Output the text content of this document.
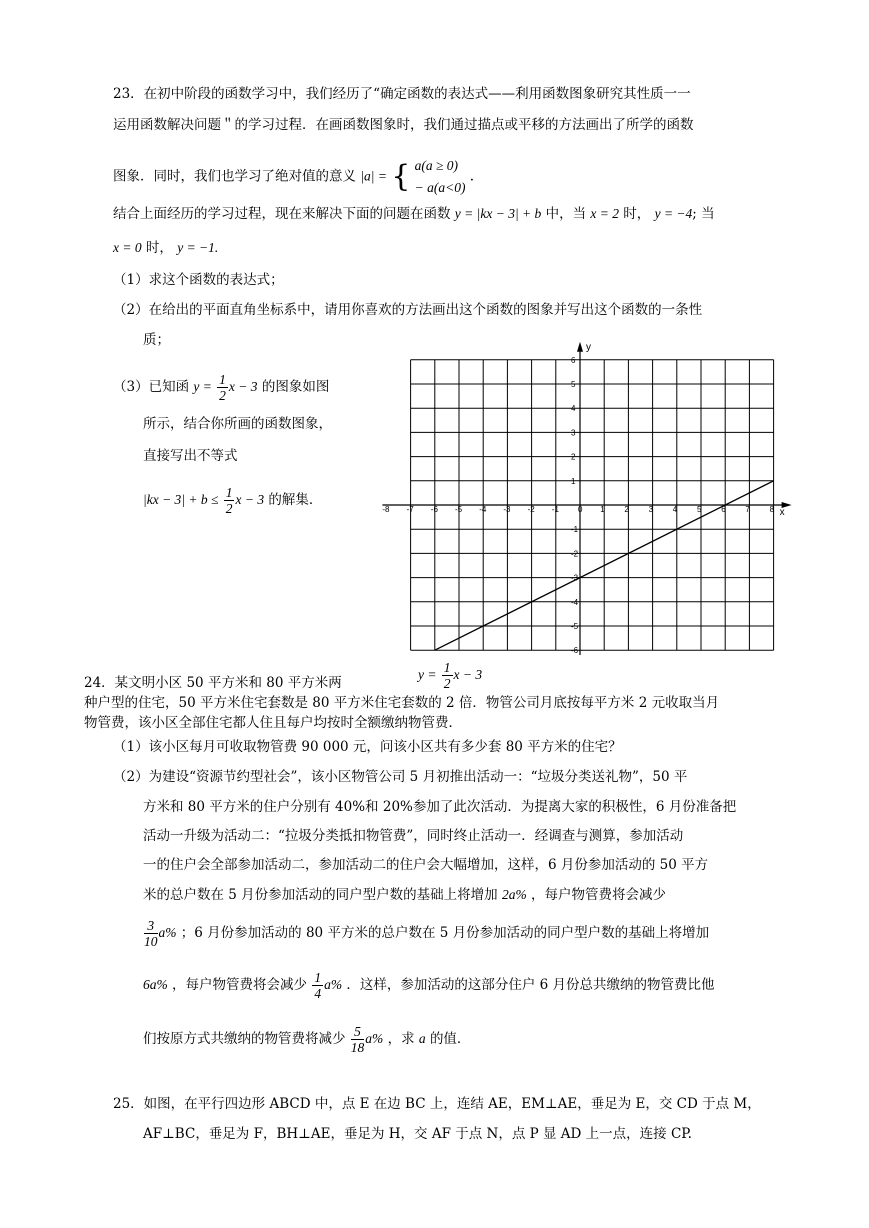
23．在初中阶段的函数学习中，我们经历了“确定函数的表达式——利用函数图象研究其性质一一
运用函数解决问题＂的学习过程．在画函数图象时，我们通过描点或平移的方法画出了所学的函数
图象．同时，我们也学习了绝对值的意义 |a| = { a(a ≥ 0)
− a(a<0)
.
结合上面经历的学习过程，现在来解决下面的问题在函数 y = |kx − 3| + b 中，当 x = 2 时， y = −4; 当
x = 0 时， y = −1.
（1）求这个函数的表达式；
（2）在给出的平面直角坐标系中，请用你喜欢的方法画出这个函数的图象并写出这个函数的一条性
质；
（3）已知函 $y = \frac{1}{2}$ x − 3 的图象如图
所示，结合你所画的函数图象，
直接写出不等式
$|kx - 3| + b \le \frac{1}{2}$ x − 3 的解集．
-8 -7 -6 -5 -4 -3 -2 -1 0 1 2 3 4 5 6 7 8
6
5
4
3
2
1
-1
-2
-3
-4
-5
-6
x
y
$y = \frac{1}{2}$ x − 3
24．某文明小区 50 平方米和 80 平方米两
种户型的住宅，50 平方米住宅套数是 80 平方米住宅套数的 2 倍．物管公司月底按每平方米 2 元收取当月
物管费，该小区全部住宅都人住且每户均按时全额缴纳物管费．
（1）该小区每月可收取物管费 90 000 元，问该小区共有多少套 80 平方米的住宅？
（2）为建设“资源节约型社会”，该小区物管公司 5 月初推出活动一：“垃圾分类送礼物”，50 平
方米和 80 平方米的住户分别有 40%和 20%参加了此次活动．为提离大家的积极性，6 月份准备把
活动一升级为活动二：“拉圾分类抵扣物管费”，同时终止活动一．经调查与测算，参加活动
一的住户会全部参加活动二，参加活动二的住户会大幅增加，这样，6 月份参加活动的 50 平方
米的总户数在 5 月份参加活动的同户型户数的基础上将增加 2a% ，每户物管费将会减少
$\frac{3}{10} a\%$ ；6 月份参加活动的 80 平方米的总户数在 5 月份参加活动的同户型户数的基础上将增加
6a% ，每户物管费将会减少 $\frac{1}{4} a\%$ ．这样，参加活动的这部分住户 6 月份总共缴纳的物管费比他
们按原方式共缴纳的物管费将减少 $\frac{5}{18} a\%$ ，求 a 的值．
25．如图，在平行四边形 ABCD 中，点 E 在边 BC 上，连结 AE，EM⊥AE，垂足为 E，交 CD 于点 M，
AF⊥BC，垂足为 F，BH⊥AE，垂足为 H，交 AF 于点 N，点 P 显 AD 上一点，连接 CP.
